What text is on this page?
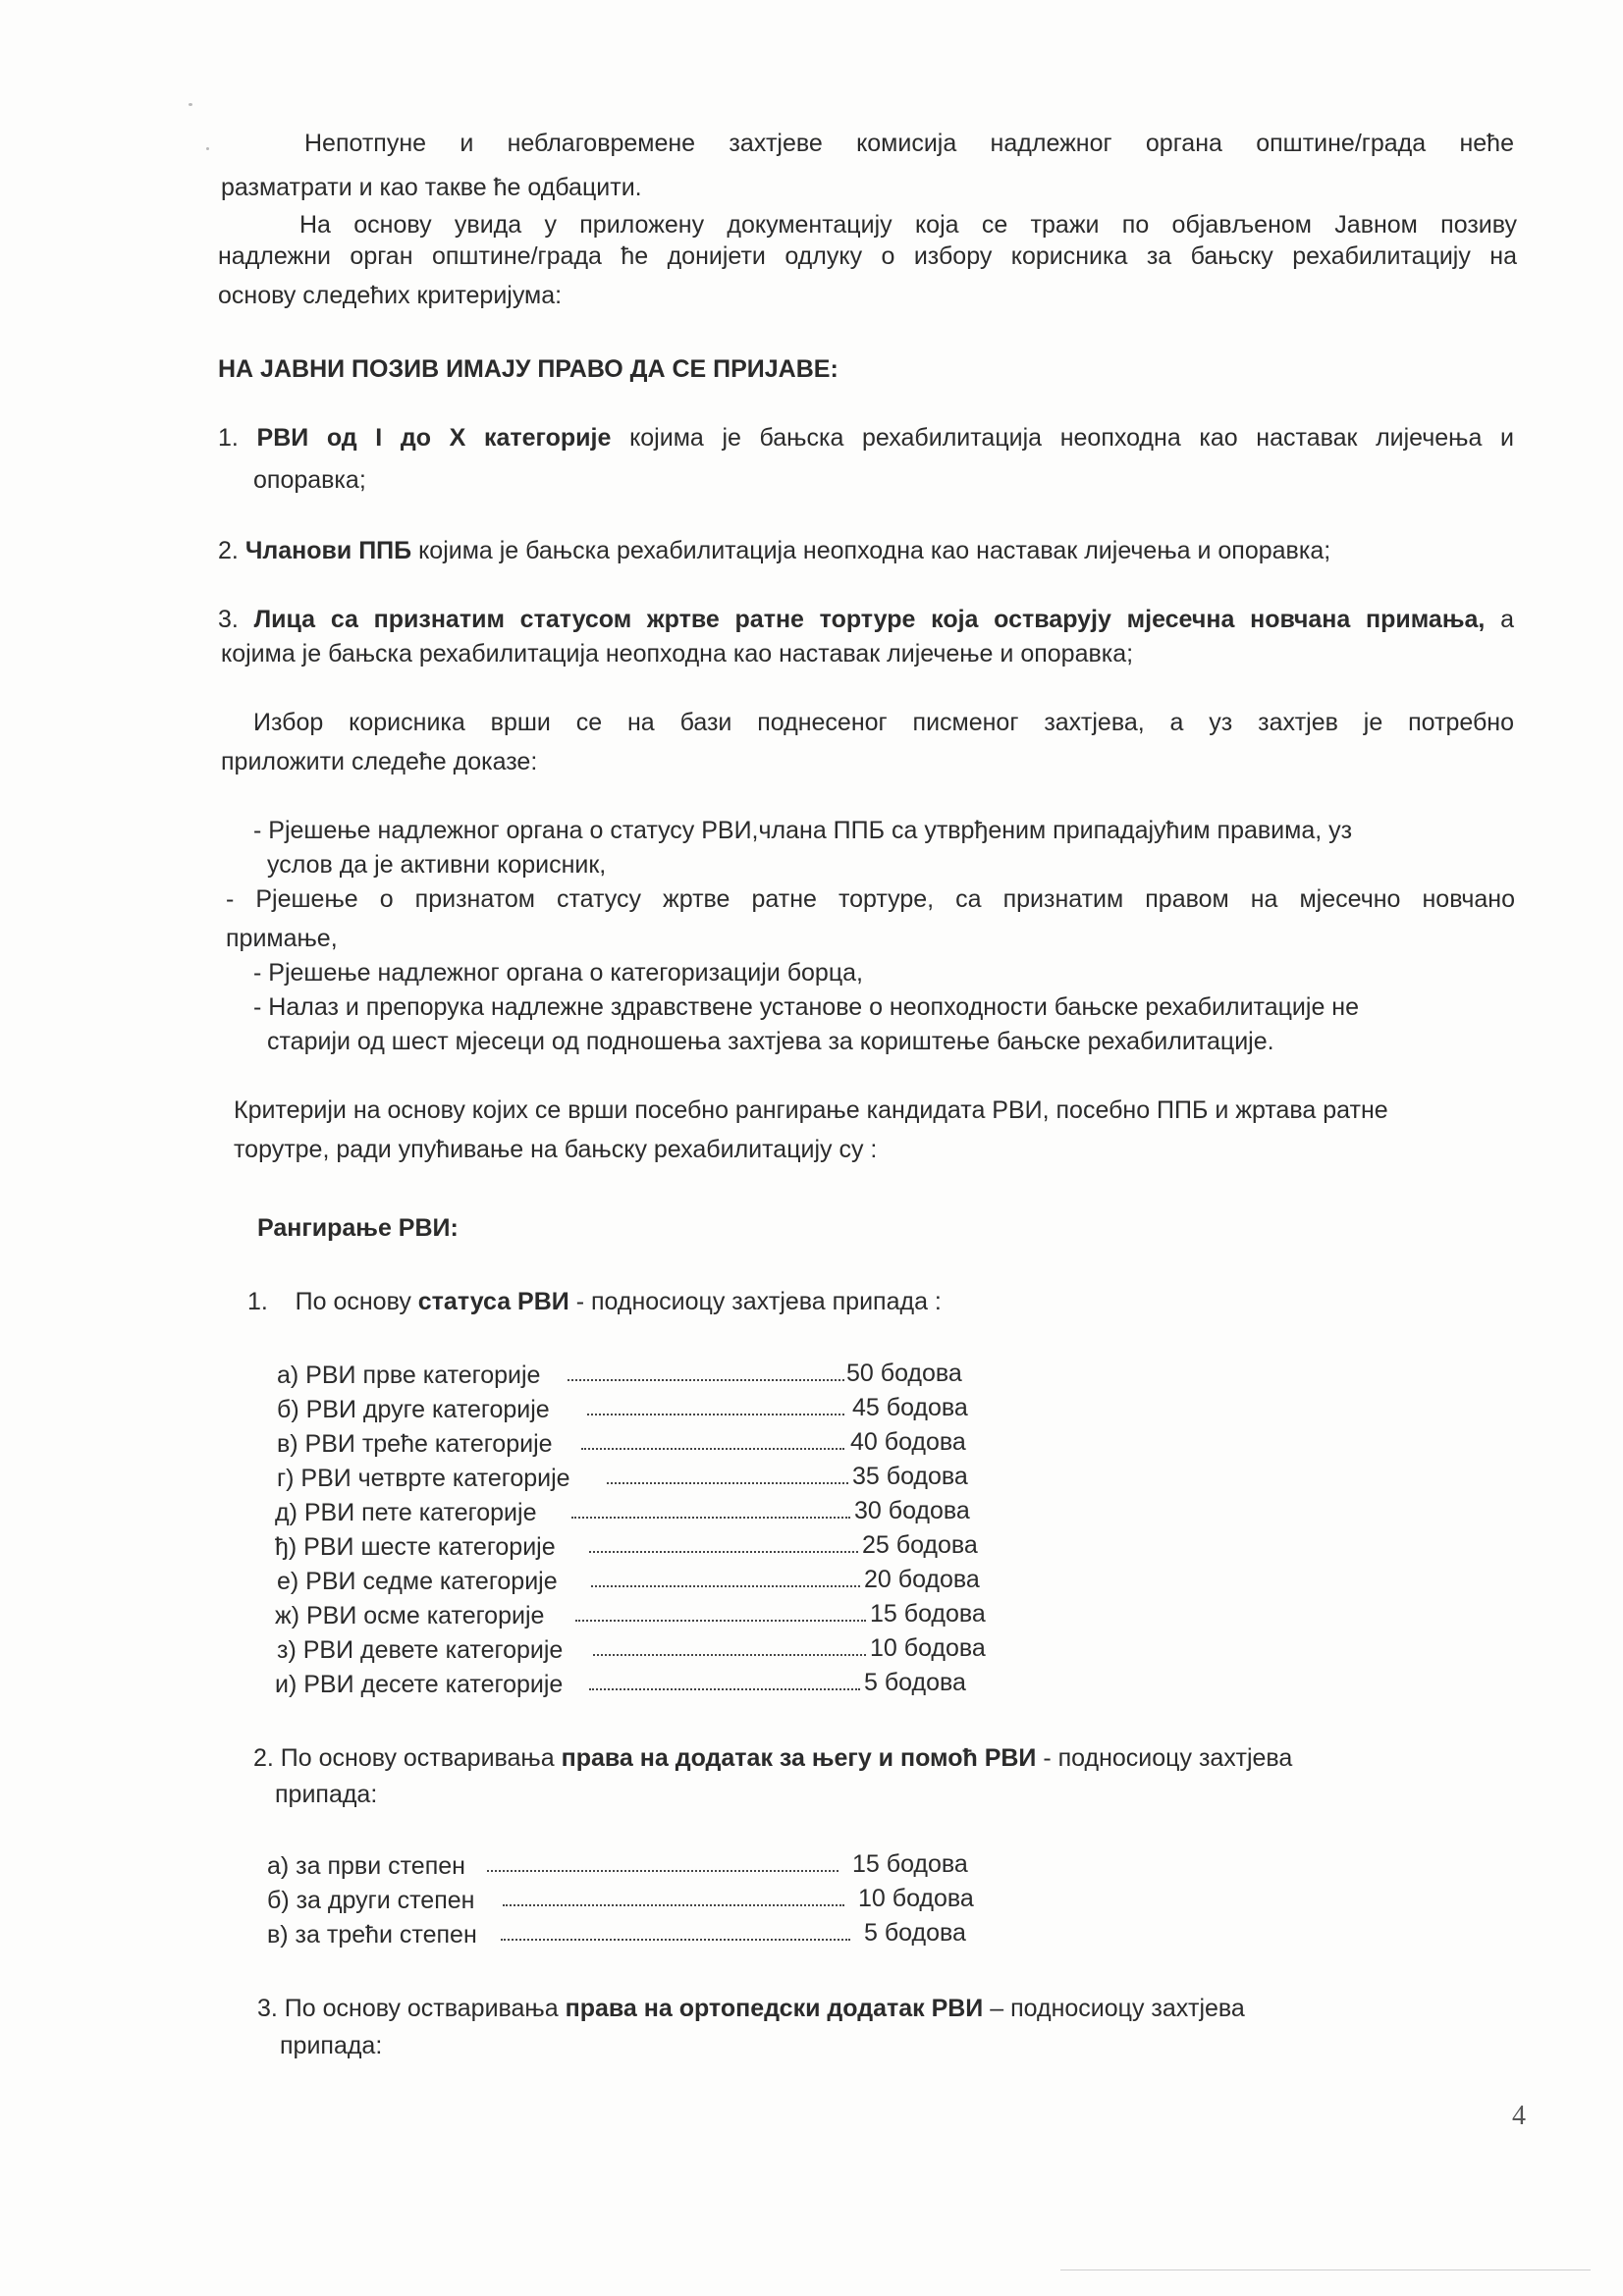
Непотпуне и неблаговремене захтјеве комисија надлежног органа општине/града неће
разматрати и као такве ће одбацити.
На основу увида у приложену документацију која се тражи по објављеном Јавном позиву
надлежни орган општине/града ће донијети одлуку о избору корисника за бањску рехабилитацију на
основу следећих критеријума:
НА ЈАВНИ ПОЗИВ ИМАЈУ ПРАВО ДА СЕ ПРИЈАВЕ:
1. РВИ од I до X категорије којима је бањска рехабилитација неопходна као наставак лијечења и
опоравка;
2. Чланови ППБ којима је бањска рехабилитација неопходна као наставак лијечења и опоравка;
3. Лица са признатим статусом жртве ратне тортуре која остварују мјесечна новчана примања, а
којима је бањска рехабилитација неопходна као наставак лијечење и опоравка;
Избор корисника врши се на бази поднесеног писменог захтјева, а уз захтјев је потребно
приложити следеће доказе:
- Рјешење надлежног органа о статусу РВИ,члана ППБ са утврђеним припадајућим правима, уз
услов да је активни корисник,
- Рјешење о признатом статусу жртве ратне тортуре, са признатим правом на мјесечно новчано
примање,
- Рјешење надлежног органа о категоризацији борца,
- Налаз и препорука надлежне здравствене установе о неопходности бањске рехабилитације не
старији од шест мјесеци од подношења захтјева за кориштење бањске рехабилитације.
Критерији на основу којих се врши посебно рангирање кандидата РВИ, посебно ППБ и жртава ратне
торутре, ради упућивање на бањску рехабилитацију су :
Рангирање РВИ:
1. По основу статуса РВИ - подносиоцу захтјева припада :
а) РВИ прве категорије	50 бодова
б) РВИ друге категорије	45 бодова
в) РВИ треће категорије	40 бодова
г) РВИ четврте категорије	35 бодова
д) РВИ пете категорије	30 бодова
ђ) РВИ шесте категорије	25 бодова
е) РВИ седме категорије	20 бодова
ж) РВИ осме категорије	15 бодова
з) РВИ девете категорије	10 бодова
и) РВИ десете категорије	5 бодова
2. По основу остваривања права на додатак за његу и помоћ РВИ - подносиоцу захтјева
припада:
а) за први степен	15 бодова
б) за други степен	10 бодова
в) за трећи степен	5 бодова
3. По основу остваривања права на ортопедски додатак РВИ – подносиоцу захтјева
припада:
4
